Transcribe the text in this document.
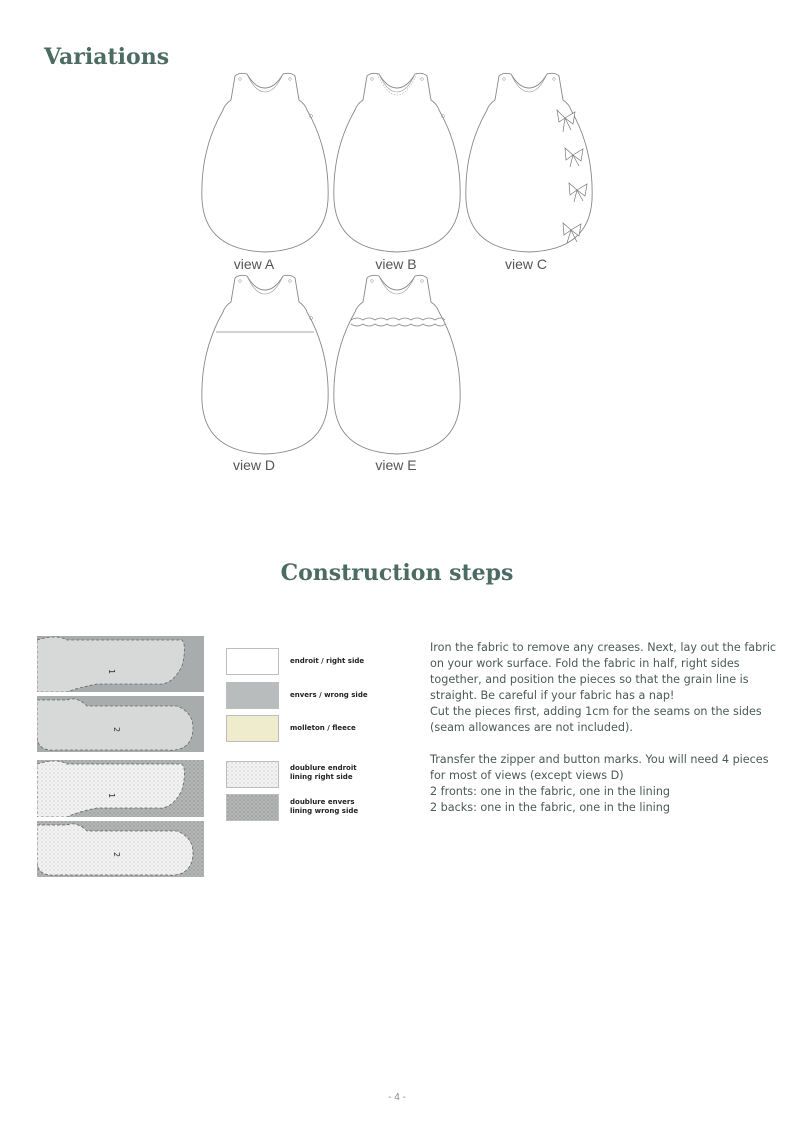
Variations
view A	view B	view C
view D	view E
Construction steps
1
2
1
2
endroit / right side
envers / wrong side
molleton / fleece
doublure endroit
lining right side
doublure envers
lining wrong side

Iron the fabric to remove any creases. Next, lay out the fabric on your work surface. Fold the fabric in half, right sides together, and position the pieces so that the grain line is straight. Be careful if your fabric has a nap!

Cut the pieces first, adding 1cm for the seams on the sides (seam allowances are not included).

Transfer the zipper and button marks. You will need 4 pieces for most of views (except views D)

2 fronts: one in the fabric, one in the lining

2 backs: one in the fabric, one in the lining

- 4 -
